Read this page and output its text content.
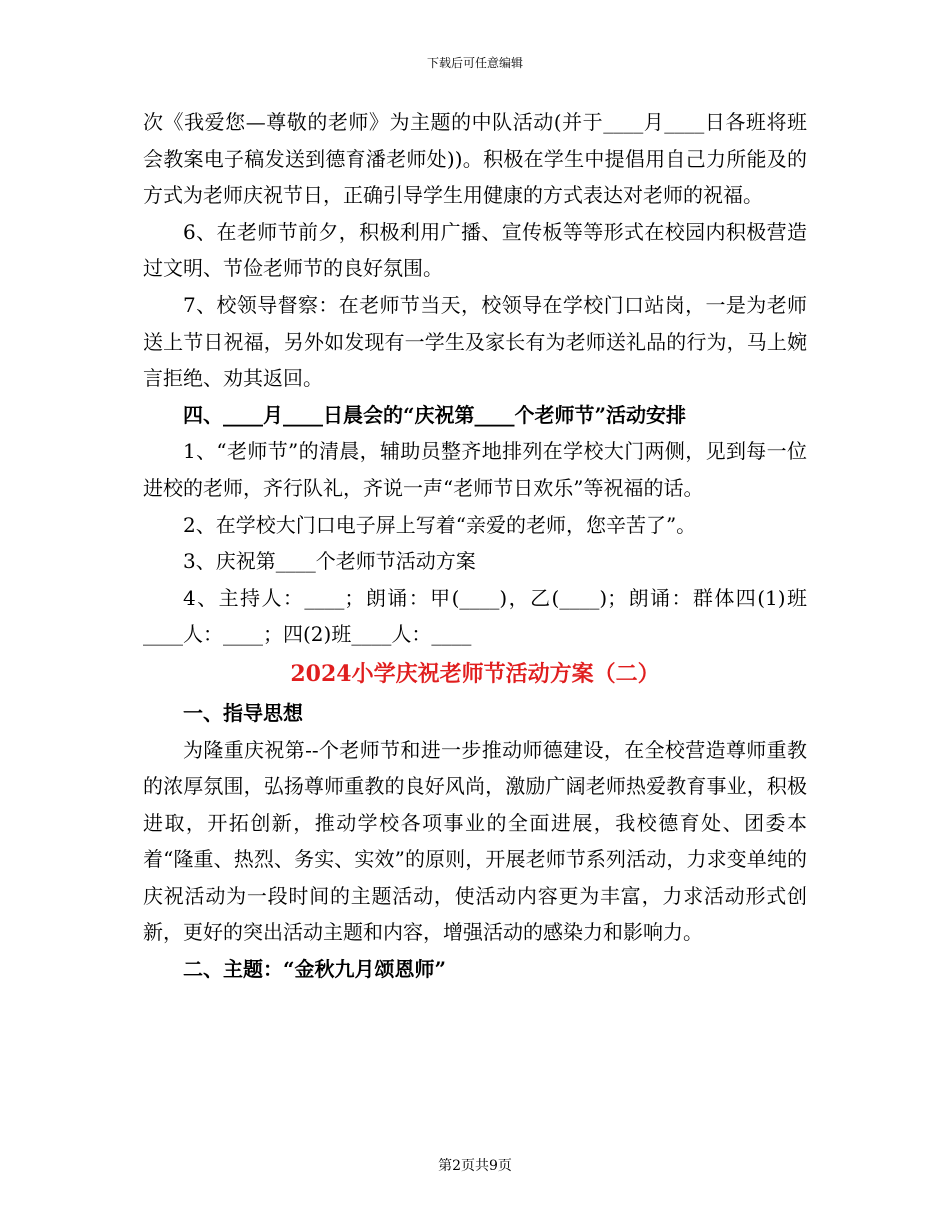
下载后可任意编辑

次《我爱您—尊敬的老师》为主题的中队活动(并于____月____日各班将班会教案电子稿发送到德育潘老师处))。积极在学生中提倡用自己力所能及的方式为老师庆祝节日，正确引导学生用健康的方式表达对老师的祝福。

6、在老师节前夕，积极利用广播、宣传板等等形式在校园内积极营造过文明、节俭老师节的良好氛围。

7、校领导督察：在老师节当天，校领导在学校门口站岗，一是为老师送上节日祝福，另外如发现有一学生及家长有为老师送礼品的行为，马上婉言拒绝、劝其返回。

四、____月____日晨会的“庆祝第____个老师节”活动安排

1、“老师节”的清晨，辅助员整齐地排列在学校大门两侧，见到每一位进校的老师，齐行队礼，齐说一声“老师节日欢乐”等祝福的话。

2、在学校大门口电子屏上写着“亲爱的老师，您辛苦了”。

3、庆祝第____个老师节活动方案

4、主持人：____；朗诵：甲(____)，乙(____)；朗诵：群体四(1)班____人：____；四(2)班____人：____

2024小学庆祝老师节活动方案（二）

一、指导思想

为隆重庆祝第--个老师节和进一步推动师德建设，在全校营造尊师重教的浓厚氛围，弘扬尊师重教的良好风尚，激励广阔老师热爱教育事业，积极进取，开拓创新，推动学校各项事业的全面进展，我校德育处、团委本着“隆重、热烈、务实、实效”的原则，开展老师节系列活动，力求变单纯的庆祝活动为一段时间的主题活动，使活动内容更为丰富，力求活动形式创新，更好的突出活动主题和内容，增强活动的感染力和影响力。

二、主题：“金秋九月颂恩师”

第2页共9页
